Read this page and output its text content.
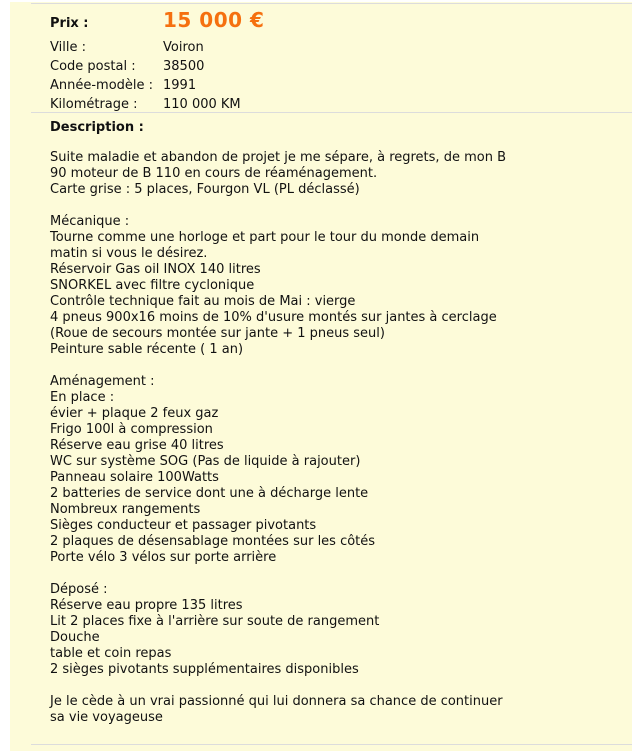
Prix :	15 000 €
Ville :	Voiron
Code postal :	38500
Année-modèle : 1991
Kilométrage :	110 000 KM
Description :
Suite maladie et abandon de projet je me sépare, à regrets, de mon B
90 moteur de B 110 en cours de réaménagement.
Carte grise : 5 places, Fourgon VL (PL déclassé)
Mécanique :
Tourne comme une horloge et part pour le tour du monde demain
matin si vous le désirez.
Réservoir Gas oil INOX 140 litres
SNORKEL avec filtre cyclonique
Contrôle technique fait au mois de Mai : vierge
4 pneus 900x16 moins de 10% d'usure montés sur jantes à cerclage
(Roue de secours montée sur jante + 1 pneus seul)
Peinture sable récente ( 1 an)
Aménagement :
En place :
évier + plaque 2 feux gaz
Frigo 100l à compression
Réserve eau grise 40 litres
WC sur système SOG (Pas de liquide à rajouter)
Panneau solaire 100Watts
2 batteries de service dont une à décharge lente
Nombreux rangements
Sièges conducteur et passager pivotants
2 plaques de désensablage montées sur les côtés
Porte vélo 3 vélos sur porte arrière
Déposé :
Réserve eau propre 135 litres
Lit 2 places fixe à l'arrière sur soute de rangement
Douche
table et coin repas
2 sièges pivotants supplémentaires disponibles
Je le cède à un vrai passionné qui lui donnera sa chance de continuer
sa vie voyageuse
